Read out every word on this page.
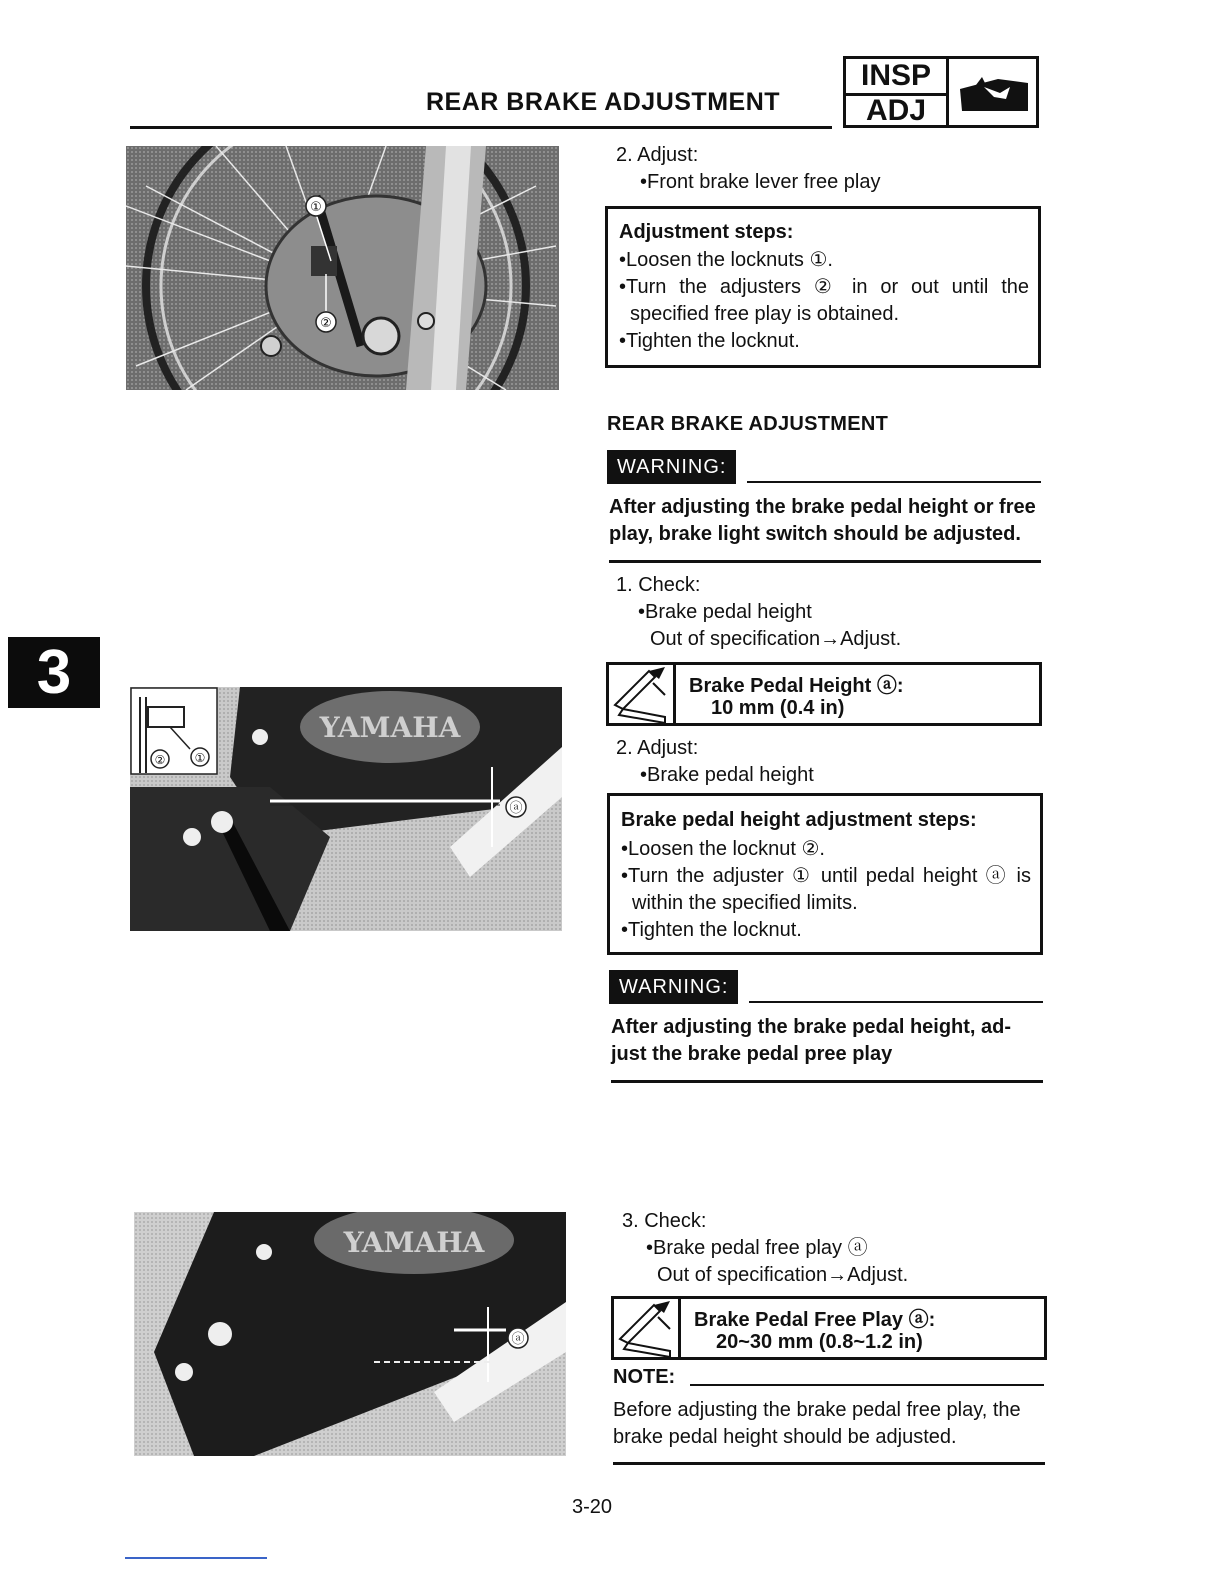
REAR BRAKE ADJUSTMENT
INSP
ADJ
3
①
②
YAMAHA
ⓐ
② ①
YAMAHA
ⓐ
2. Adjust:
•Front brake lever free play
Adjustment steps:
•Loosen the locknuts ①.
•Turn the adjusters ② in or out until the
specified free play is obtained.
•Tighten the locknut.
REAR BRAKE ADJUSTMENT
WARNING:
After adjusting the brake pedal height or free
play, brake light switch should be adjusted.
1. Check:
•Brake pedal height
Out of specification→Adjust.
Brake Pedal Height ⓐ:
10 mm (0.4 in)
2. Adjust:
•Brake pedal height
Brake pedal height adjustment steps:
•Loosen the locknut ②.
•Turn the adjuster ① until pedal height ⓐ is
within the specified limits.
•Tighten the locknut.
WARNING:
After adjusting the brake pedal height, ad-
just the brake pedal pree play
3. Check:
•Brake pedal free play ⓐ
Out of specification→Adjust.
Brake Pedal Free Play ⓐ:
20~30 mm (0.8~1.2 in)
NOTE:
Before adjusting the brake pedal free play, the
brake pedal height should be adjusted.
3-20
